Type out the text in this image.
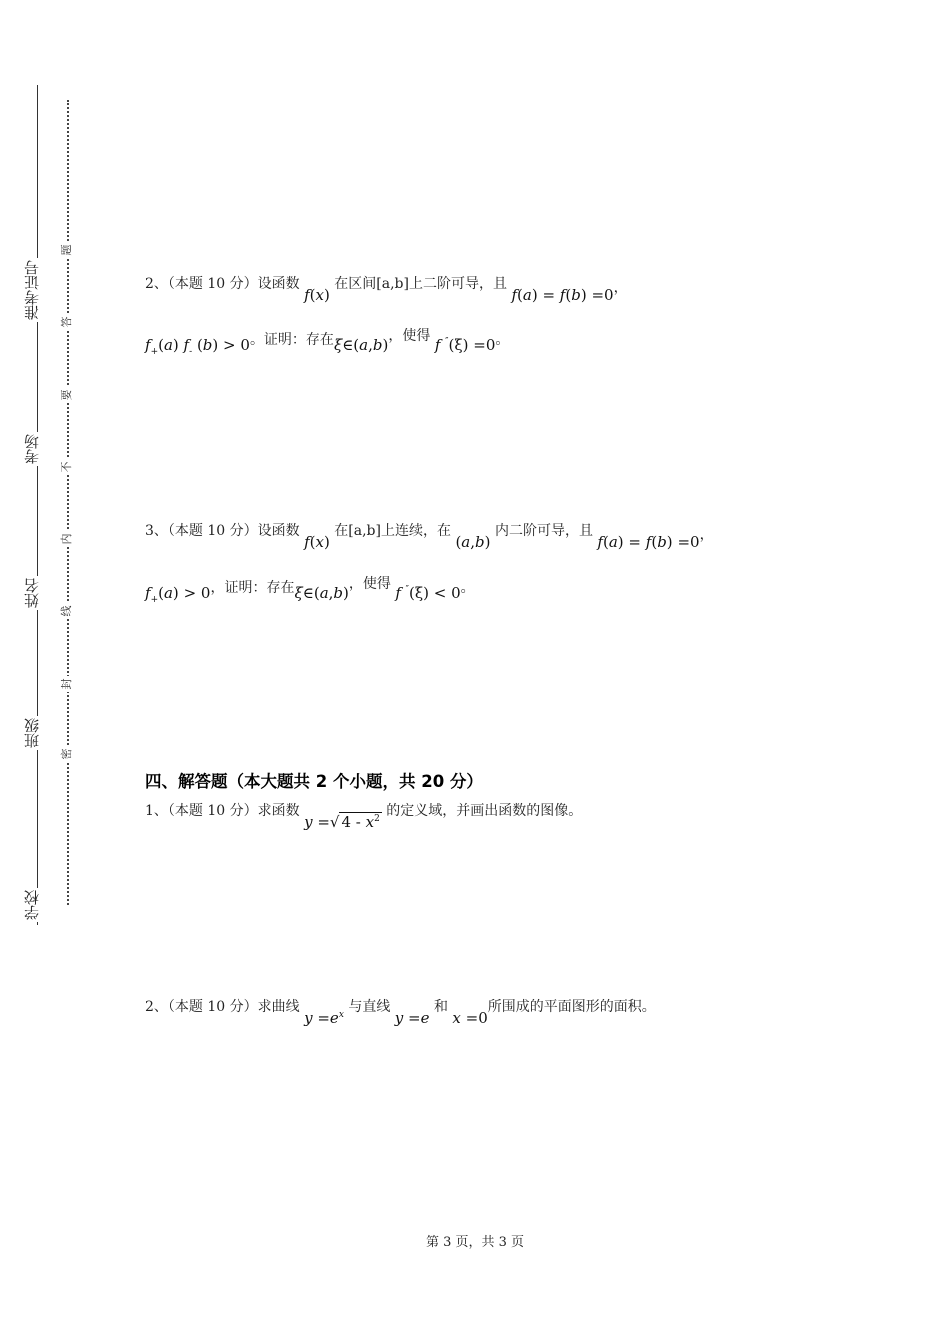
准考证号
考场
姓名
班级
学校
题
答
要
不
内
线
封
密
2、（本题 10 分）设函数 f(x) 在区间[a,b]上二阶可导，且 f(a) = f(b) =0，
$f_+(a)$ $f_-$ (b) > 0。证明：存在ξ∈(a,b)，使得 f ″(ξ) =0。
3、（本题 10 分）设函数 f(x) 在[a,b]上连续，在 (a,b) 内二阶可导，且 f(a) = f(b) =0，
$f_+(a) > 0$，证明：存在ξ∈(a,b)，使得 f ″(ξ) < 0。
四、解答题（本大题共 2 个小题，共 20 分）
1、（本题 10 分）求函数 y =√ $4 - x^2$ 的定义域，并画出函数的图像。
2、（本题 10 分）求曲线 $y =e^x$ 与直线 y =e 和 x =0所围成的平面图形的面积。
第 3 页，共 3 页
